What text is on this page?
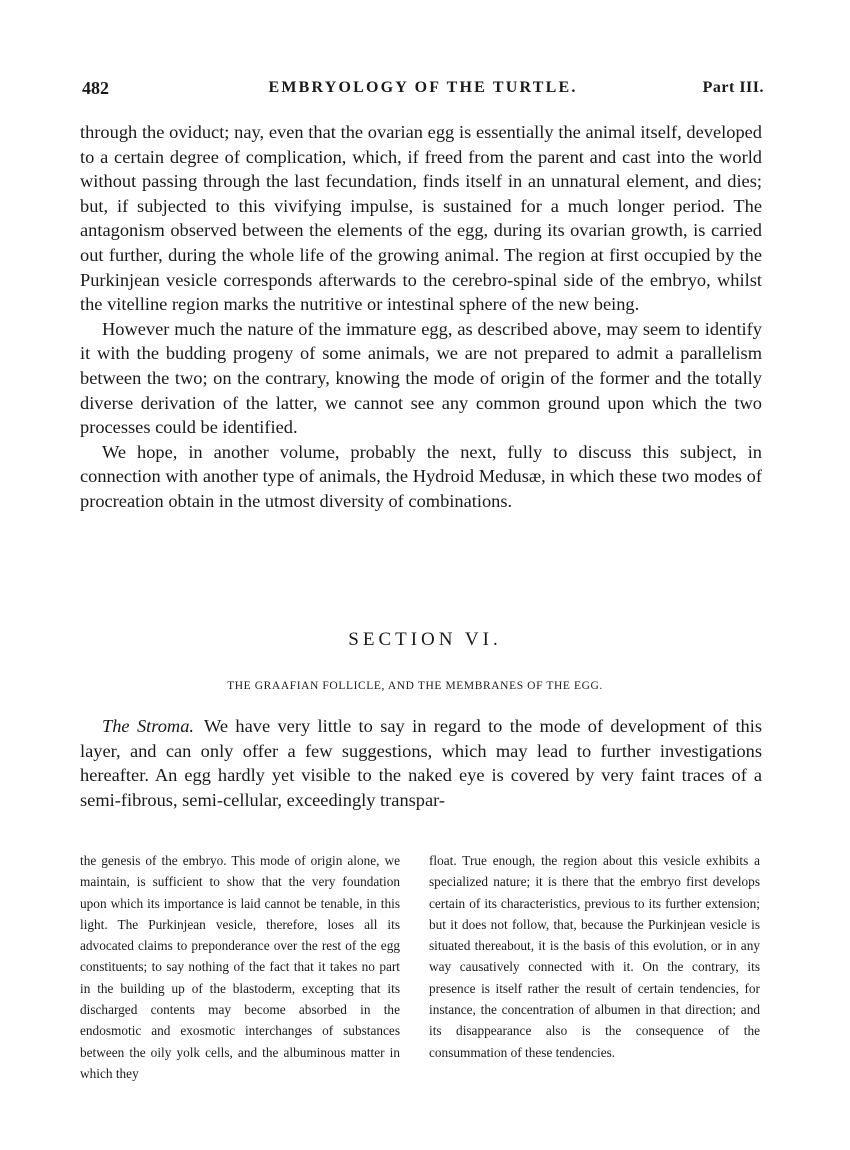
482	EMBRYOLOGY OF THE TURTLE.	Part III.

through the oviduct; nay, even that the ovarian egg is essentially the animal itself, developed to a certain degree of complication, which, if freed from the parent and cast into the world without passing through the last fecundation, finds itself in an unnatural element, and dies; but, if subjected to this vivifying impulse, is sustained for a much longer period. The antagonism observed between the elements of the egg, during its ovarian growth, is carried out further, during the whole life of the growing animal. The region at first occupied by the Purkinjean vesicle corresponds afterwards to the cerebro-spinal side of the embryo, whilst the vitelline region marks the nutritive or intestinal sphere of the new being.

However much the nature of the immature egg, as described above, may seem to identify it with the budding progeny of some animals, we are not prepared to admit a parallelism between the two; on the contrary, knowing the mode of origin of the former and the totally diverse derivation of the latter, we cannot see any common ground upon which the two processes could be identified.

We hope, in another volume, probably the next, fully to discuss this subject, in connection with another type of animals, the Hydroid Medusæ, in which these two modes of procreation obtain in the utmost diversity of combinations.

SECTION VI.
THE GRAAFIAN FOLLICLE, AND THE MEMBRANES OF THE EGG.

The Stroma. We have very little to say in regard to the mode of development of this layer, and can only offer a few suggestions, which may lead to further investigations hereafter. An egg hardly yet visible to the naked eye is covered by very faint traces of a semi-fibrous, semi-cellular, exceedingly transpar-

the genesis of the embryo. This mode of origin alone, we maintain, is sufficient to show that the very foundation upon which its importance is laid cannot be tenable, in this light. The Purkinjean vesicle, therefore, loses all its advocated claims to preponderance over the rest of the egg constituents; to say nothing of the fact that it takes no part in the building up of the blastoderm, excepting that its discharged contents may become absorbed in the endosmotic and exosmotic interchanges of substances between the oily yolk cells, and the albuminous matter in which they

float. True enough, the region about this vesicle exhibits a specialized nature; it is there that the embryo first develops certain of its characteristics, previous to its further extension; but it does not follow, that, because the Purkinjean vesicle is situated thereabout, it is the basis of this evolution, or in any way causatively connected with it. On the contrary, its presence is itself rather the result of certain tendencies, for instance, the concentration of albumen in that direction; and its disappearance also is the consequence of the consummation of these tendencies.
